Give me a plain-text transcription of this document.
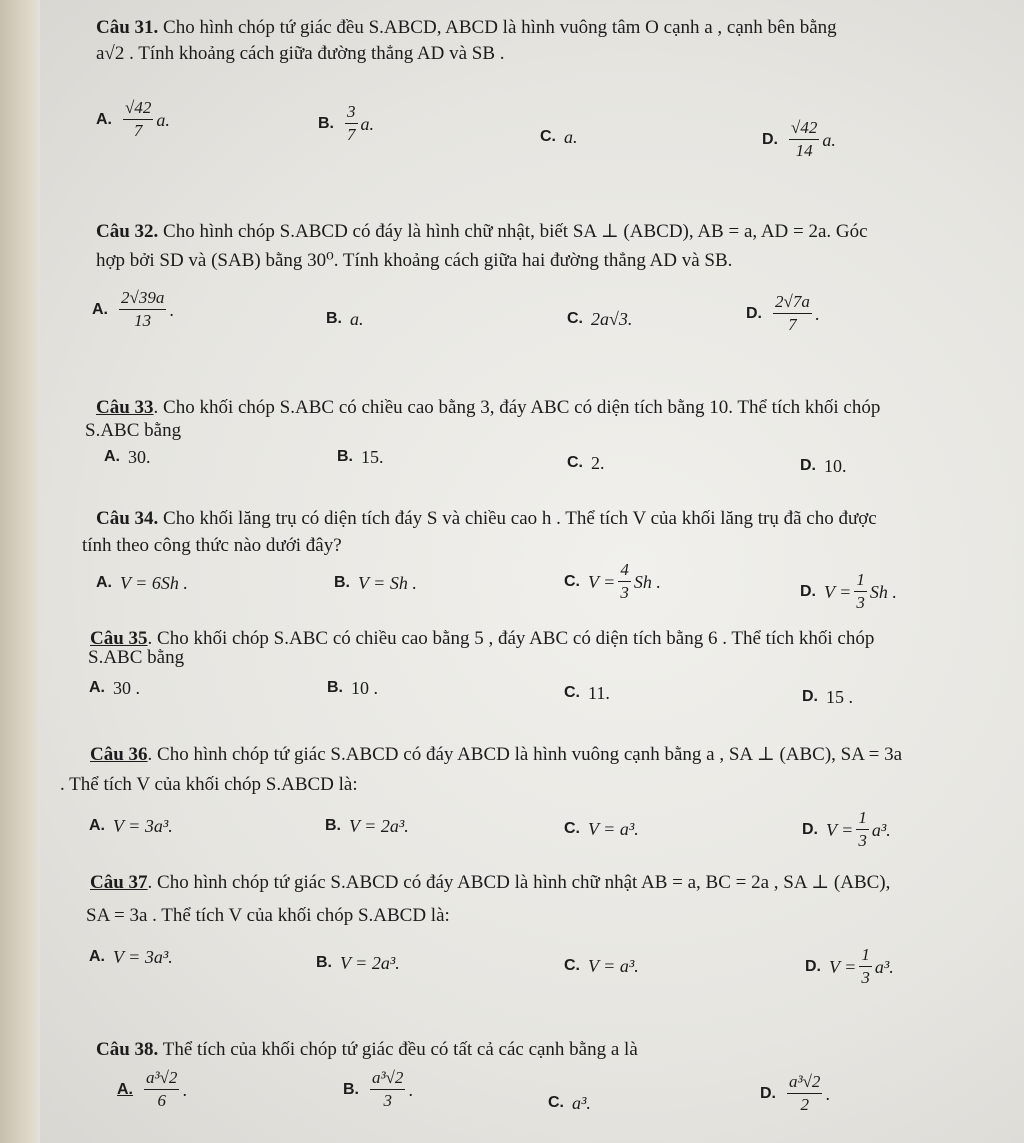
Câu 31. Cho hình chóp tứ giác đều S.ABCD, ABCD là hình vuông tâm O cạnh a , cạnh bên bằng
a√2 . Tính khoảng cách giữa đường thẳng AD và SB .
A. $\frac{√42}{7} a$.	B. $\frac{3}{7} a$.
C. a.	D. $\frac{√42}{14} a$.
Câu 32. Cho hình chóp S.ABCD có đáy là hình chữ nhật, biết SA ⊥ (ABCD), AB = a, AD = 2a. Góc
hợp bởi SD và (SAB) bằng 30⁰. Tính khoảng cách giữa hai đường thẳng AD và SB.
A. $\frac{2√39a}{13}$ .	B. a.	C. 2a√3.	D. $\frac{2√7a}{7}$ .
Câu 33. Cho khối chóp S.ABC có chiều cao bằng 3, đáy ABC có diện tích bằng 10. Thể tích khối chóp
S.ABC bằng
A. 30.	B. 15.	C. 2.	D. 10.
Câu 34. Cho khối lăng trụ có diện tích đáy S và chiều cao h . Thể tích V của khối lăng trụ đã cho được
tính theo công thức nào dưới đây?
A. V = 6Sh .	B. V = Sh .	C. $V = \frac{4}{3}$ Sh .	D. $V = \frac{1}{3}$ Sh .
Câu 35. Cho khối chóp S.ABC có chiều cao bằng 5 , đáy ABC có diện tích bằng 6 . Thể tích khối chóp
S.ABC bằng
A. 30 .	B. 10 .	C. 11.	D. 15 .
Câu 36. Cho hình chóp tứ giác S.ABCD có đáy ABCD là hình vuông cạnh bằng a , SA ⊥ (ABC), SA = 3a
. Thể tích V của khối chóp S.ABCD là:
A. V = 3a³.	B. V = 2a³.	C. V = a³.	D. $V = \frac{1}{3} a^3$.
Câu 37. Cho hình chóp tứ giác S.ABCD có đáy ABCD là hình chữ nhật AB = a, BC = 2a , SA ⊥ (ABC),
SA = 3a . Thể tích V của khối chóp S.ABCD là:
A. V = 3a³.	B. V = 2a³.	C. V = a³.	D. $V = \frac{1}{3} a^3$.
Câu 38. Thể tích của khối chóp tứ giác đều có tất cả các cạnh bằng a là
A. $\frac{\text{a³√2}}{6}$ .	B. $\frac{\text{a³√2}}{3}$ .
C. a³.	D. $\frac{\text{a³√2}}{2}$ .
